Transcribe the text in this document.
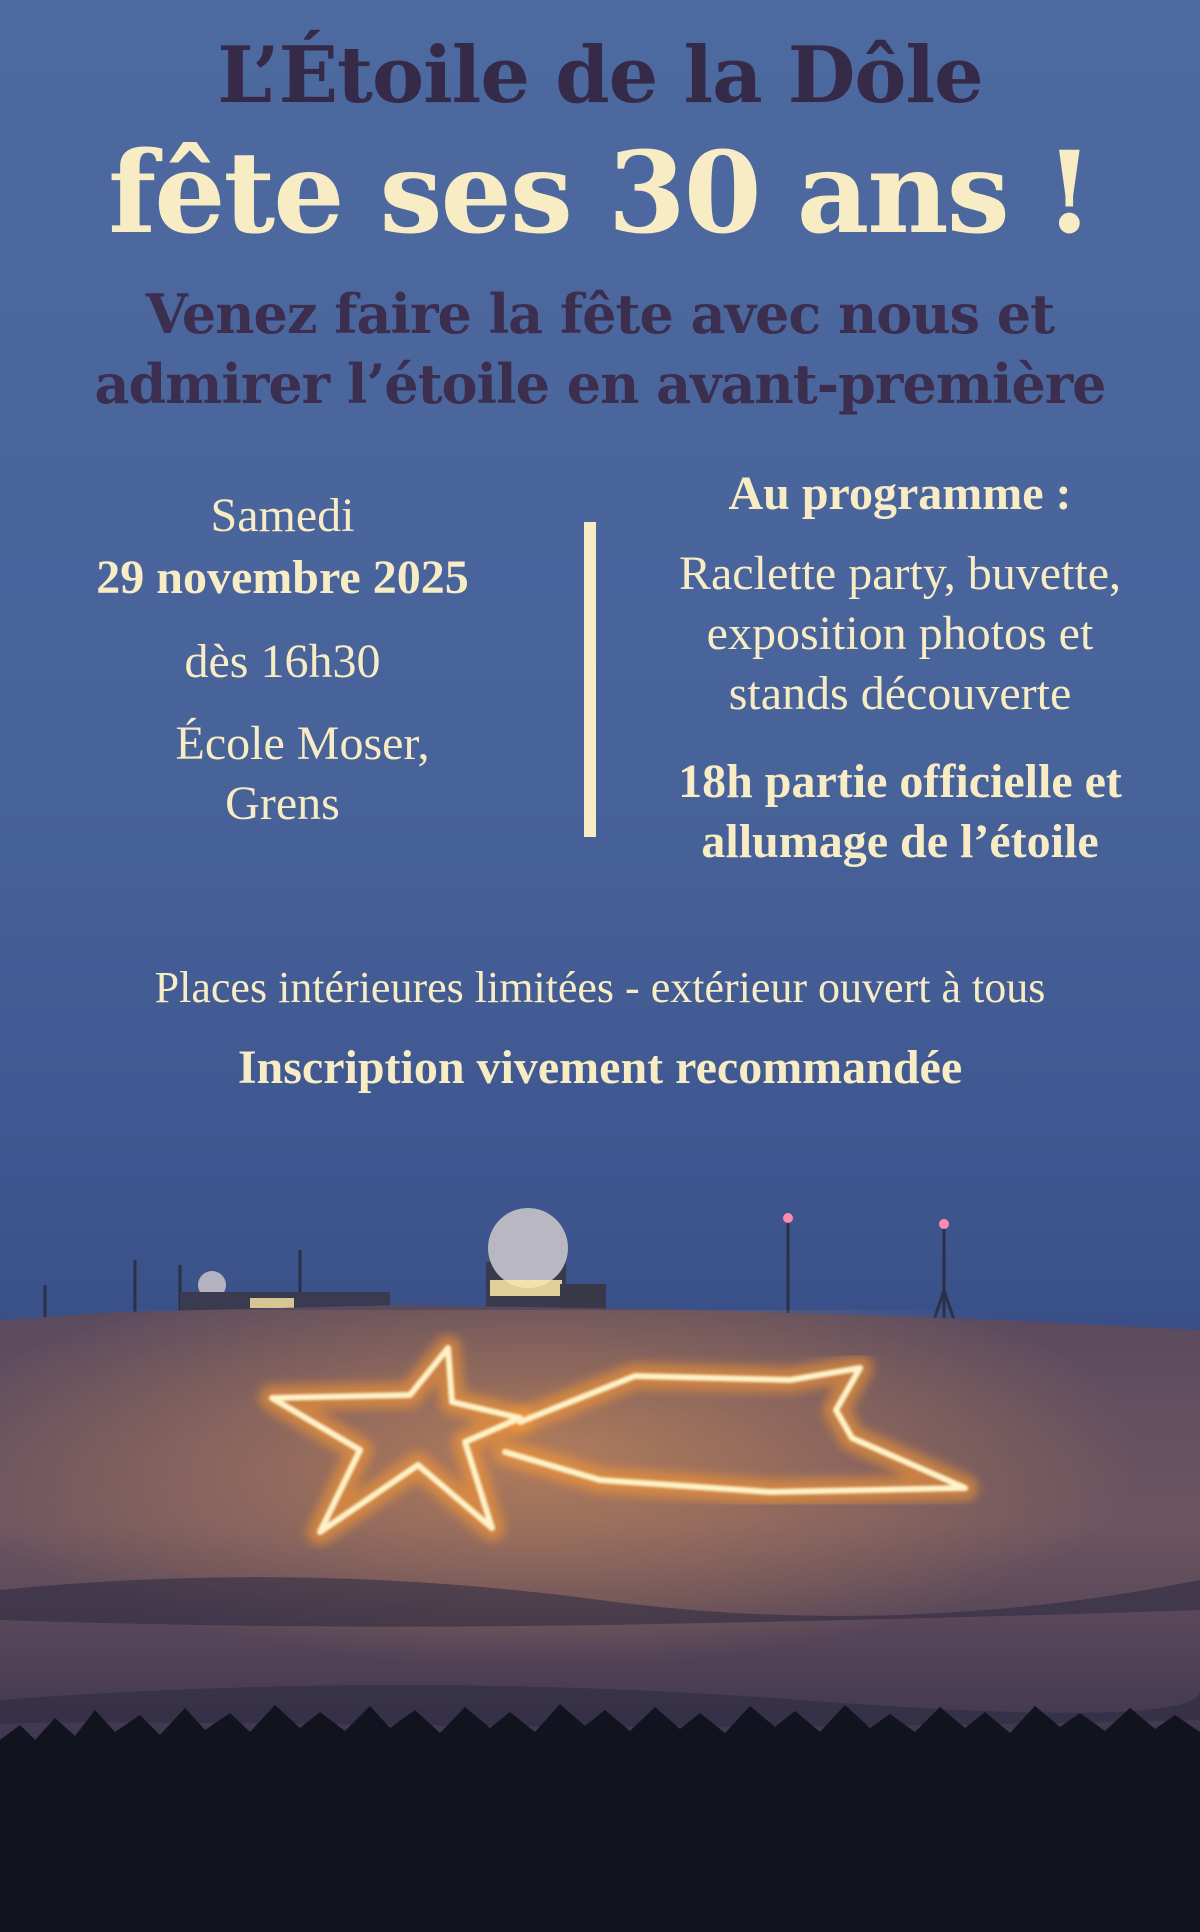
L’Étoile de la Dôle
fête ses 30 ans !

Venez faire la fête avec nous et

admirer l’étoile en avant-première

Samedi
29 novembre 2025
dès 16h30
École Moser,
Grens
Au programme :
Raclette party, buvette,
exposition photos et
stands découverte
18h partie officielle et
allumage de l’étoile

Places intérieures limitées - extérieur ouvert à tous

Inscription vivement recommandée
